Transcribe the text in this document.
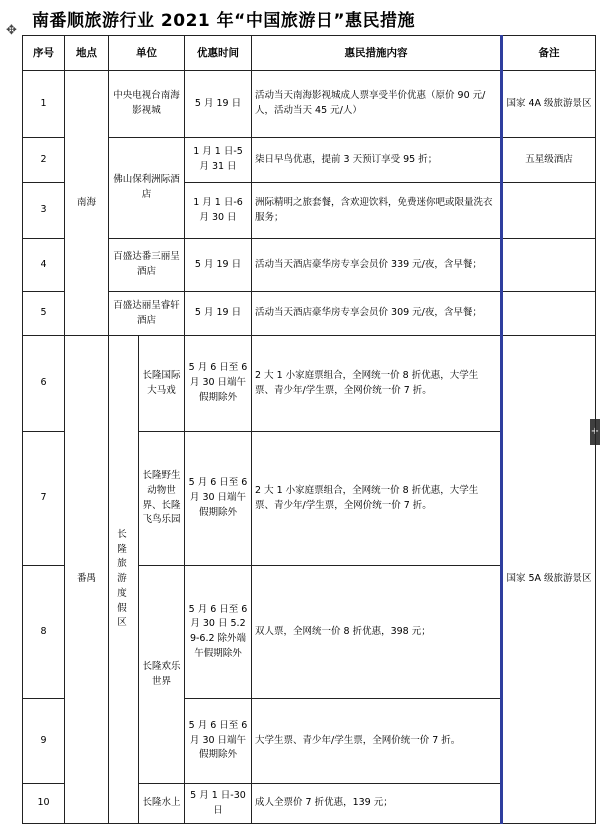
南番顺旅游行业 2021 年“中国旅游日”惠民措施
✥
+
序号	地点	单位		优惠时间	惠民措施内容	备注
1	南海	中央电视台南海影视城		5 月 19 日	活动当天南海影视城成人票享受半价优惠（原价 90 元/人，活动当天 45 元/人）	国家 4A 级旅游景区
2		佛山保利洲际酒店		1 月 1 日-5 月 31 日	柒日早鸟优惠，提前 3 天预订享受 95 折；	五星级酒店
3				1 月 1 日-6 月 30 日	洲际精明之旅套餐，含欢迎饮料，免费迷你吧或限量洗衣服务；	
4		百盛达番三丽呈酒店		5 月 19 日	活动当天酒店豪华房专享会员价 339 元/夜，含早餐；	
5		百盛达丽呈睿轩酒店		5 月 19 日	活动当天酒店豪华房专享会员价 309 元/夜，含早餐；	
6	番禺	长隆旅游度假区	长隆国际大马戏	5 月 6 日至 6 月 30 日端午假期除外	2 大 1 小家庭票组合，全网统一价 8 折优惠，大学生票、青少年/学生票，全网价统一价 7 折。	国家 5A 级旅游景区
7			长隆野生动物世界、长隆飞鸟乐园	5 月 6 日至 6 月 30 日端午假期除外	2 大 1 小家庭票组合，全网统一价 8 折优惠，大学生票、青少年/学生票，全网价统一价 7 折。	
8			长隆欢乐世界	5 月 6 日至 6 月 30 日 5.29-6.2 除外端午假期除外	双人票，全网统一价 8 折优惠，398 元；	
9				5 月 6 日至 6 月 30 日端午假期除外	大学生票、青少年/学生票，全网价统一价 7 折。	
10			长隆水上	5 月 1 日-30 日	成人全票价 7 折优惠，139 元；	
